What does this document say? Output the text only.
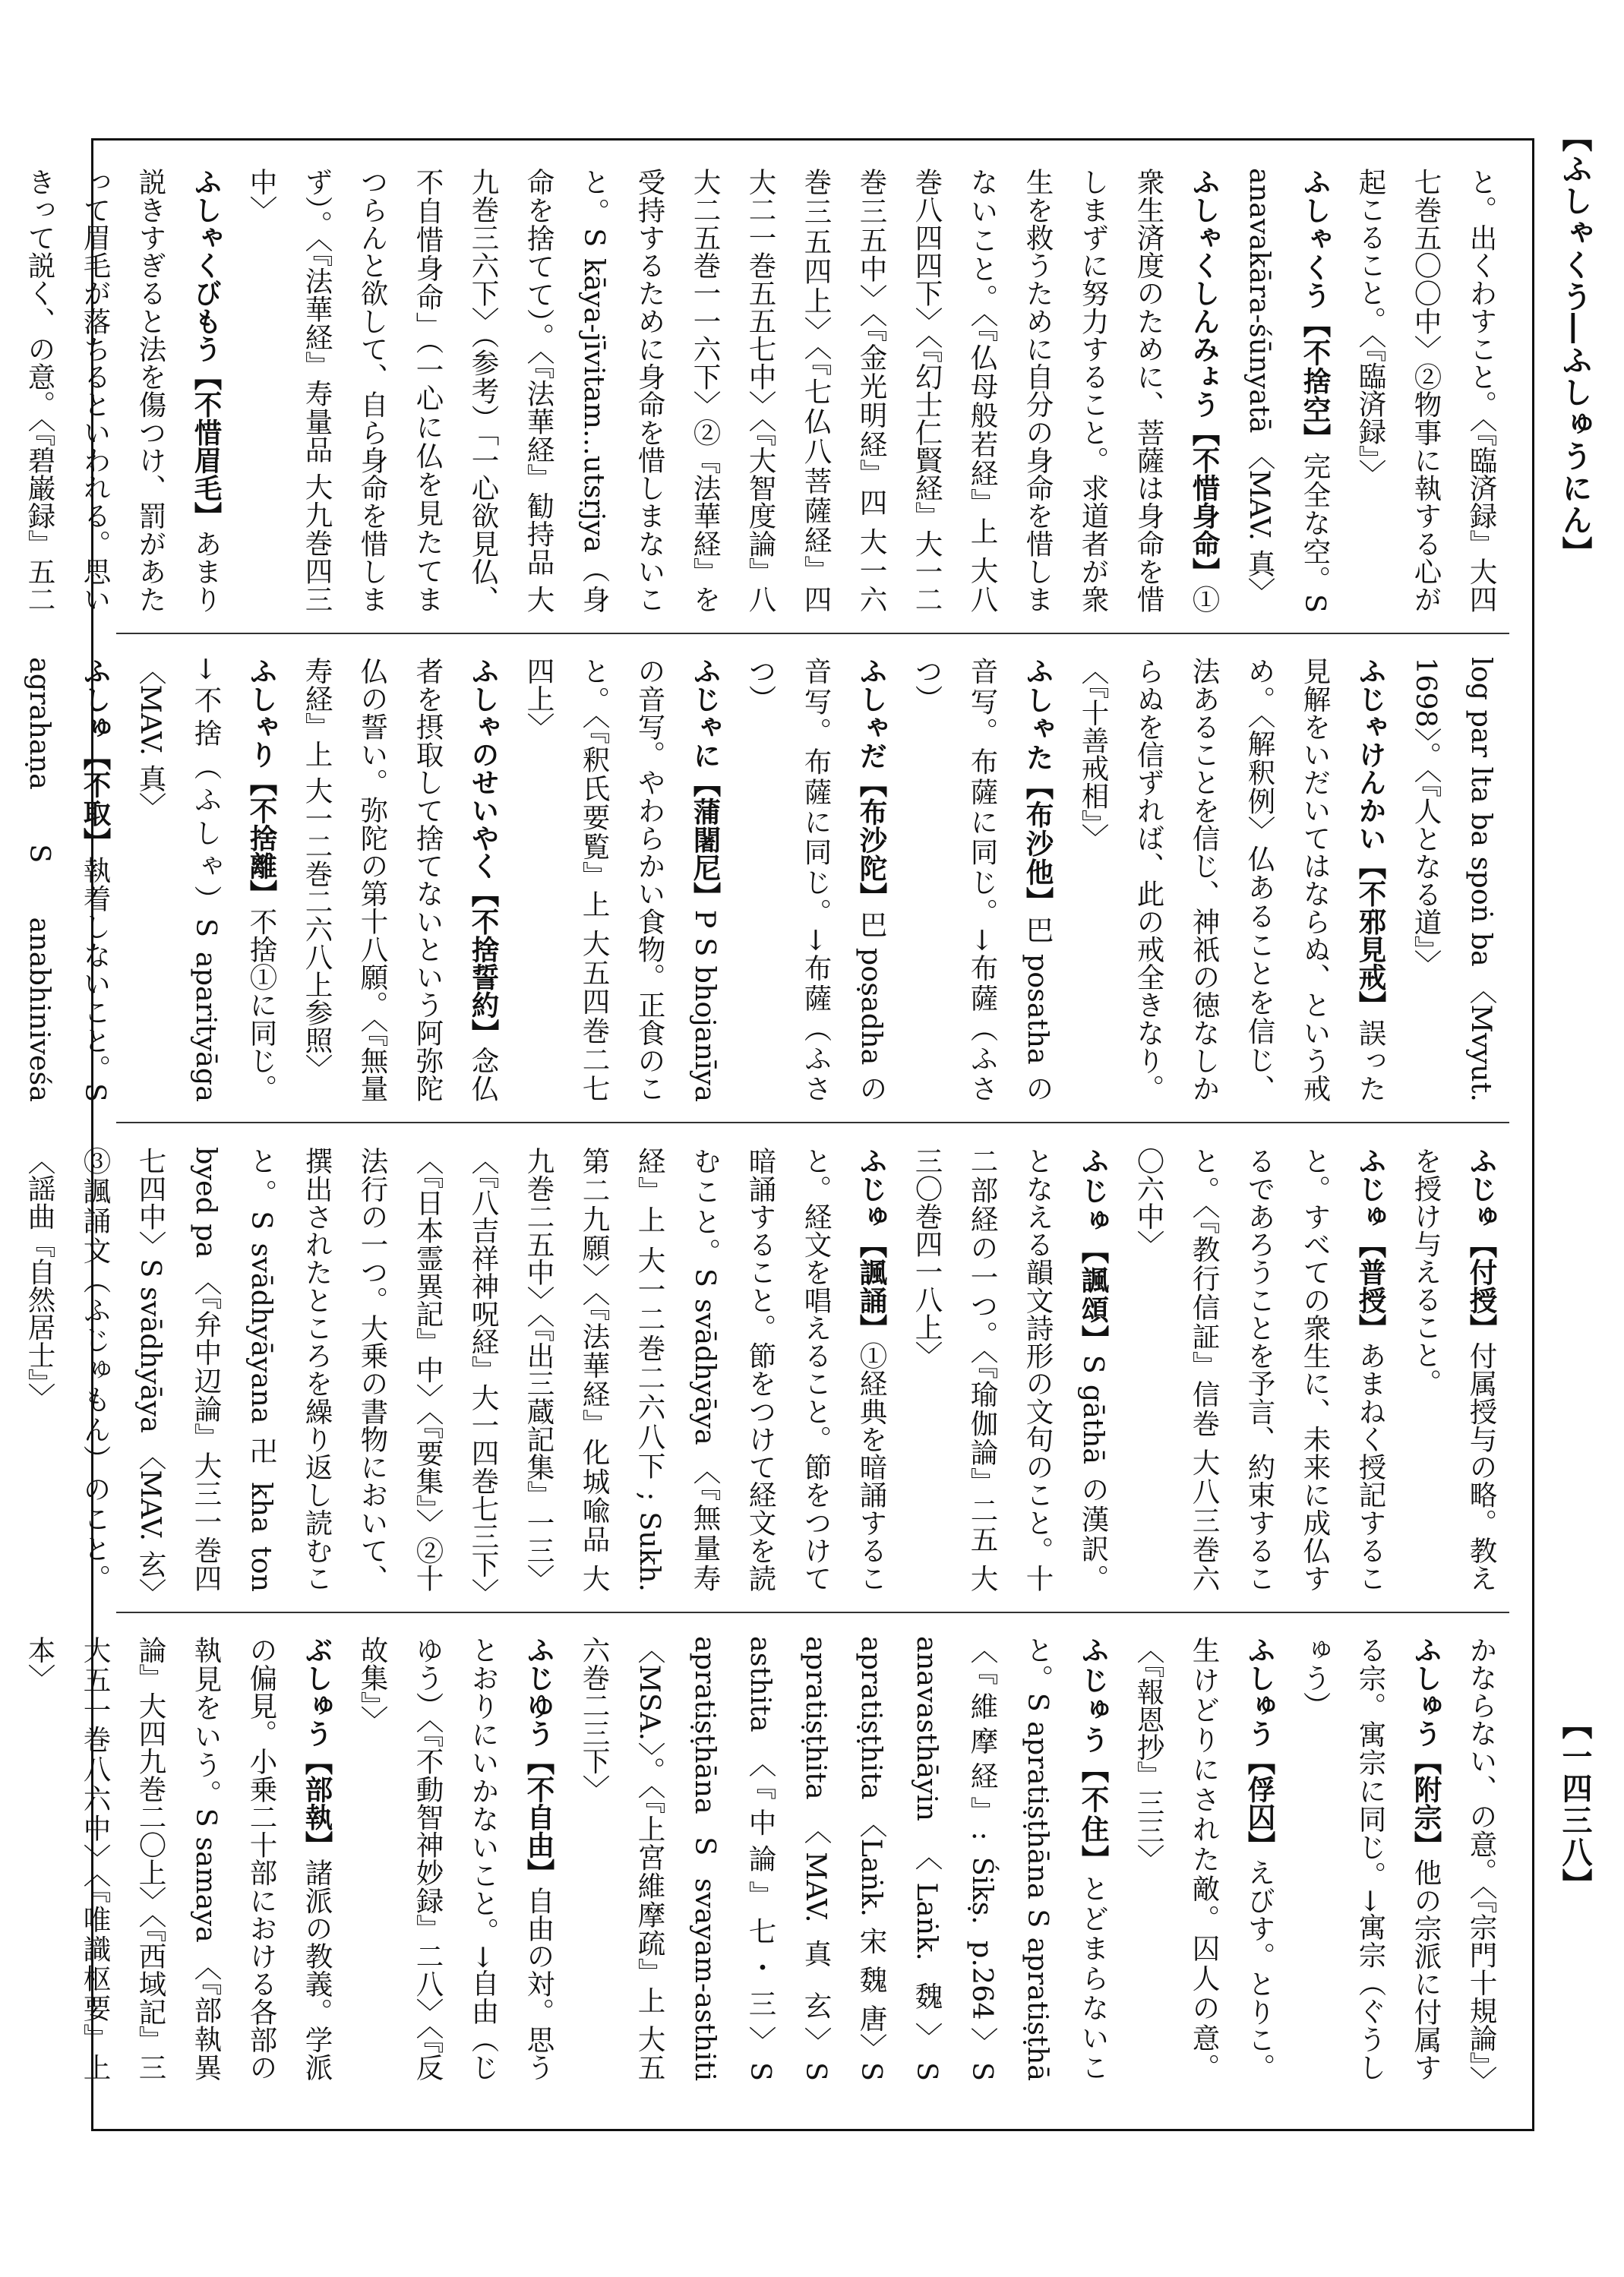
【ふしゃくう―ふしゅうにん】
【一四三八】
と。出くわすこと。〈『臨済録』大四七巻五〇〇中〉②物事に執する心が起こること。〈『臨済録』〉
ふしゃくう【不捨空】完全な空。S anavakāra-śūnyatā 〈MAV. 真〉
ふしゃくしんみょう【不惜身命】①衆生済度のために、菩薩は身命を惜しまずに努力すること。求道者が衆生を救うために自分の身命を惜しまないこと。〈『仏母般若経』上 大八巻八四四下〉〈『幻士仁賢経』大一二巻三五中〉〈『金光明経』四 大一六巻三五四上〉〈『七仏八菩薩経』四 大二一巻五五七中〉〈『大智度論』八 大二五巻一一六下〉②『法華経』を受持するために身命を惜しまないこと。S kāya-jīvitam...utsṛjya（身命を捨てて）。〈『法華経』勧持品 大九巻三六下〉（参考）「一心欲見仏、不自惜身命」（一心に仏を見たてまつらんと欲して、自ら身命を惜しまず）。〈『法華経』寿量品 大九巻四三中〉
ふしゃくびもう【不惜眉毛】あまり説きすぎると法を傷つけ、罰があたって眉毛が落ちるといわれる。思いきって説く、の意。〈『碧巌録』五二
log par lta ba spoṅ ba 〈Mvyut. 1698〉。〈『人となる道』〉
ふじゃけんかい【不邪見戒】誤った見解をいだいてはならぬ、という戒め。〈解釈例〉仏あることを信じ、法あることを信じ、神祇の徳なしからぬを信ずれば、此の戒全きなり。〈『十善戒相』〉
ふしゃた【布沙他】巴 posatha の音写。布薩に同じ。→布薩（ふさつ）
ふしゃだ【布沙陀】巴 poṣadha の音写。布薩に同じ。→布薩（ふさつ）
ふじゃに【蒲闍尼】P S bhojanīya の音写。やわらかい食物。正食のこと。〈『釈氏要覧』上 大五四巻二七四上〉
ふしゃのせいやく【不捨誓約】念仏者を摂取して捨てないという阿弥陀仏の誓い。弥陀の第十八願。〈『無量寿経』上 大一二巻二六八上参照〉
ふしゃり【不捨離】不捨①に同じ。→不捨（ふしゃ）S aparityāga 〈MAV. 真〉
ふしゅ【不取】執着しないこと。S agrahaṇa S anabhiniveśa
ふじゅ【付授】付属授与の略。教えを授け与えること。
ふじゅ【普授】あまねく授記すること。すべての衆生に、未来に成仏するであろうことを予言、約束すること。〈『教行信証』信巻 大八三巻六〇六中〉
ふじゅ【諷頌】S gāthā の漢訳。となえる韻文詩形の文句のこと。十二部経の一つ。〈『瑜伽論』二五 大三〇巻四一八上〉
ふじゅ【諷誦】①経典を暗誦すること。経文を唱えること。節をつけて暗誦すること。節をつけて経文を読むこと。S svādhyāya 〈『無量寿経』上 大一二巻二六八下 ; Sukh. 第二九願〉〈『法華経』化城喩品 大九巻二五中〉〈『出三蔵記集』一三〉〈『八吉祥神呪経』大一四巻七三下〉〈『日本霊異記』中〉〈『要集』〉②十法行の一つ。大乗の書物において、撰出されたところを繰り返し読むこと。S svādhyāyana 卍 kha ton byed pa 〈『弁中辺論』大三一巻四七四中〉S svādhyāya 〈MAV. 玄〉③諷誦文（ふじゅもん）のこと。〈謡曲『自然居士』〉
かならない、の意。〈『宗門十規論』〉
ふしゅう【附宗】他の宗派に付属する宗。寓宗に同じ。→寓宗（ぐうしゅう）
ふしゅう【俘囚】えびす。とりこ。生けどりにされた敵。囚人の意。〈『報恩抄』三三〉
ふじゅう【不住】とどまらないこと。S apratiṣṭhāna S apratiṣṭhā 〈『維摩経』: Śikṣ. p.264〉S anavasthāyin 〈Laṅk. 魏〉S apratiṣṭhita 〈Laṅk. 宋 魏 唐〉S apratiṣṭhita 〈MAV. 真 玄〉S asthita 〈『中論』七・三〉S apratiṣṭhāna S svayam-asthiti 〈MSA.〉。〈『上宮維摩疏』上 大五六巻二三下〉
ふじゆう【不自由】自由の対。思うとおりにいかないこと。→自由（じゆう）〈『不動智神妙録』二八〉〈『反故集』〉
ぶしゅう【部執】諸派の教義。学派の偏見。小乗二十部における各部の執見をいう。S samaya 〈『部執異論』大四九巻二〇上〉〈『西域記』三 大五一巻八六中〉〈『唯識枢要』上本〉
